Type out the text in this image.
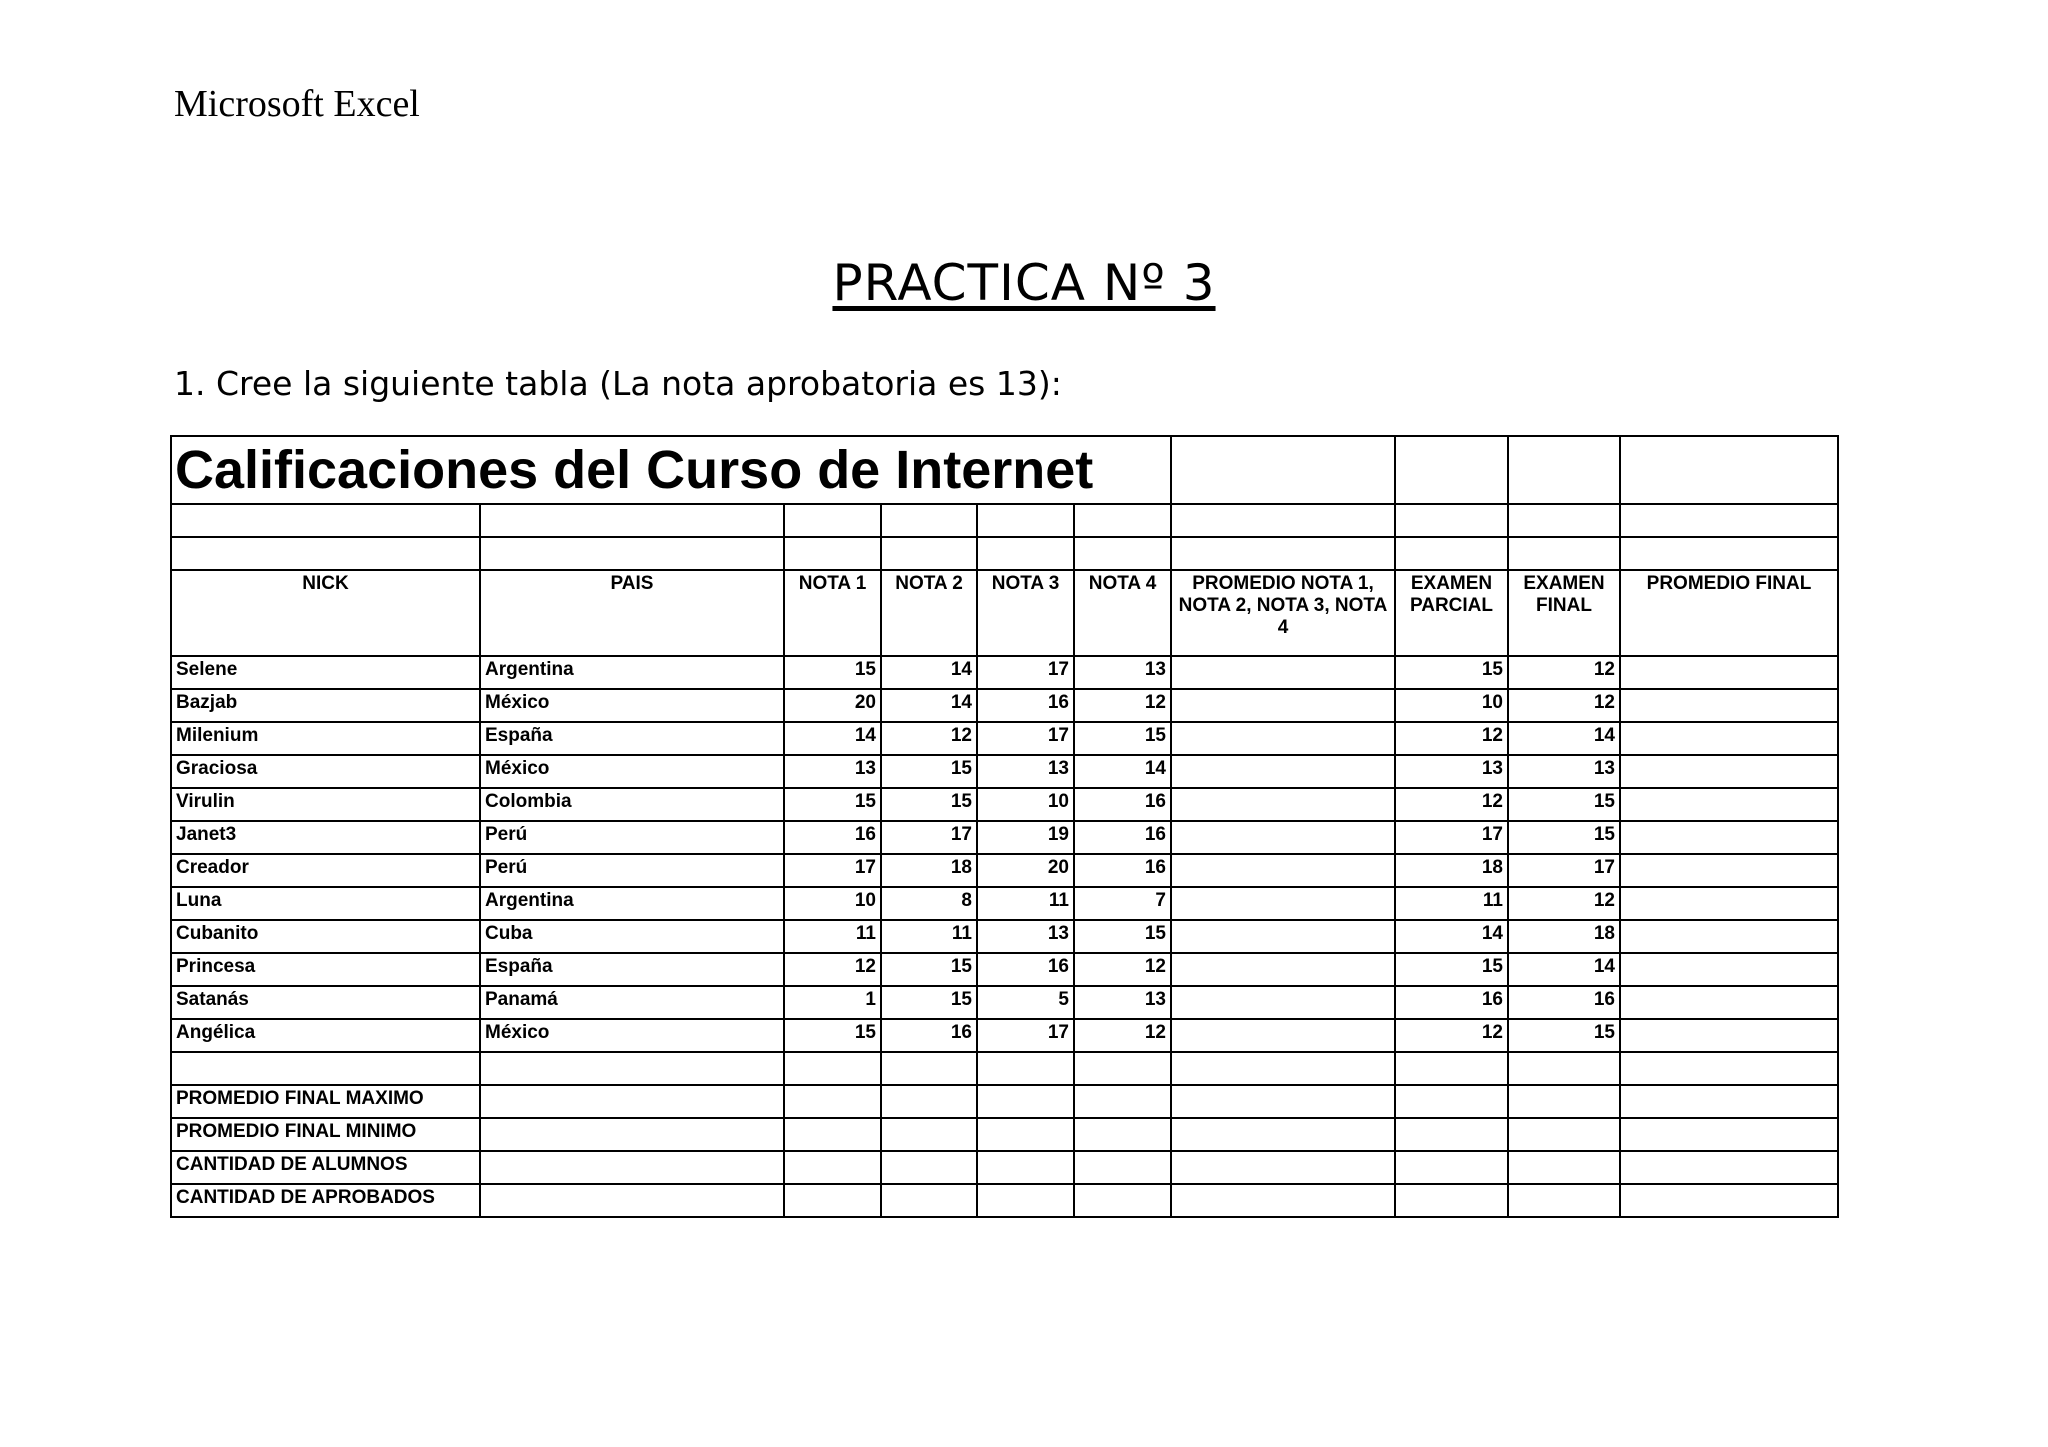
Microsoft Excel
PRACTICA Nº 3
1. Cree la siguiente tabla (La nota aprobatoria es 13):
Calificaciones del Curso de Internet									

NICK	PAIS	NOTA 1	NOTA 2	NOTA 3	NOTA 4	PROMEDIO NOTA 1, NOTA 2, NOTA 3, NOTA 4	EXAMEN PARCIAL	EXAMEN FINAL	PROMEDIO FINAL
Selene	Argentina	15	14	17	13		15	12	
Bazjab	México	20	14	16	12		10	12	
Milenium	España	14	12	17	15		12	14	
Graciosa	México	13	15	13	14		13	13	
Virulin	Colombia	15	15	10	16		12	15	
Janet3	Perú	16	17	19	16		17	15	
Creador	Perú	17	18	20	16		18	17	
Luna	Argentina	10	8	11	7		11	12	
Cubanito	Cuba	11	11	13	15		14	18	
Princesa	España	12	15	16	12		15	14	
Satanás	Panamá	1	15	5	13		16	16	
Angélica	México	15	16	17	12		12	15	

PROMEDIO FINAL MAXIMO									
PROMEDIO FINAL MINIMO									
CANTIDAD DE ALUMNOS									
CANTIDAD DE APROBADOS									
